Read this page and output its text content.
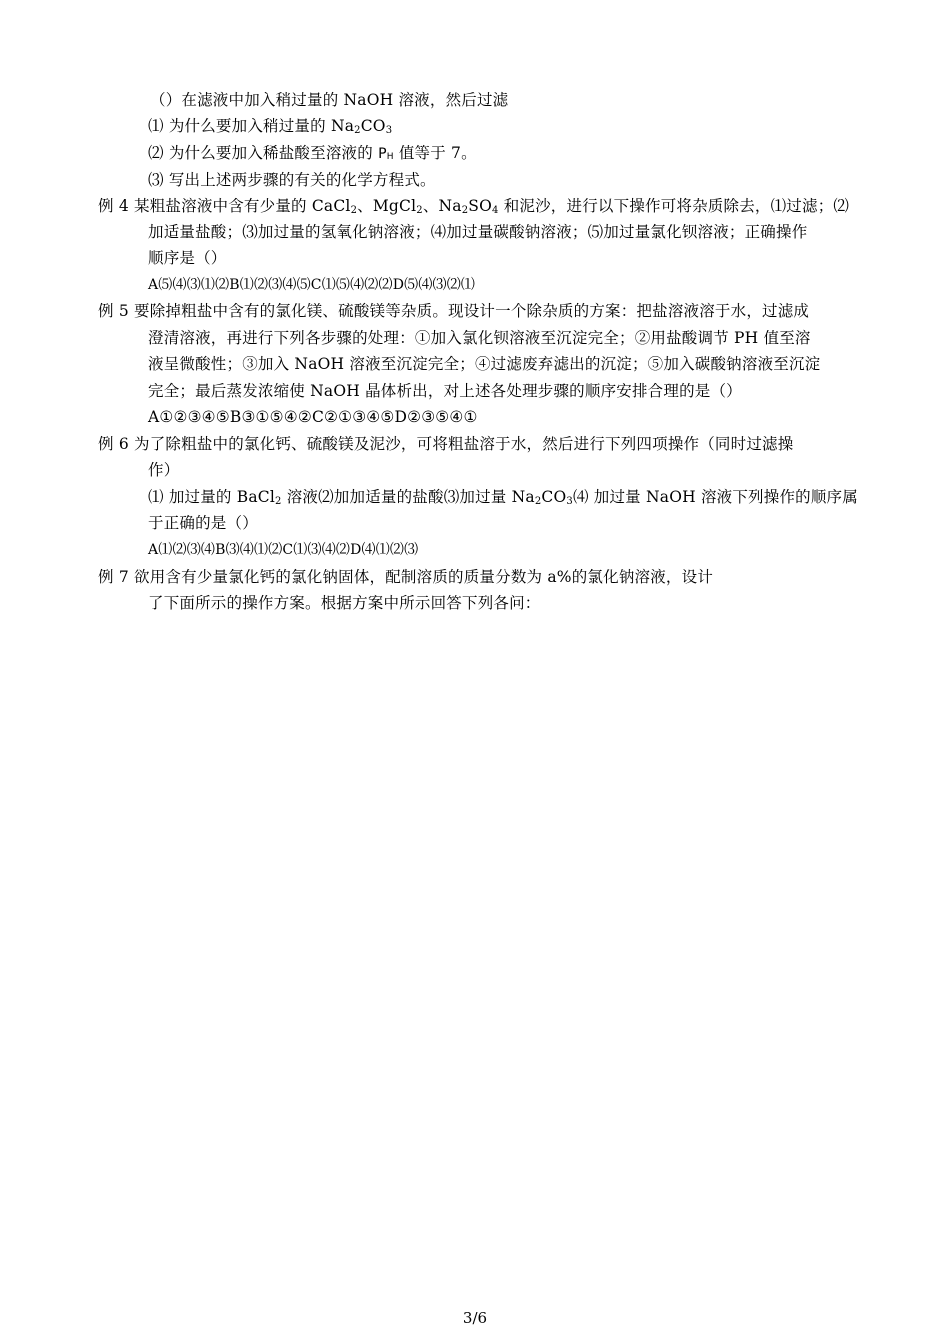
（）在滤液中加入稍过量的 NaOH 溶液，然后过滤
⑴ 为什么要加入稍过量的 $Na_2CO_3$
⑵ 为什么要加入稀盐酸至溶液的 PH 值等于 7。
⑶ 写出上述两步骤的有关的化学方程式。
例 4 某粗盐溶液中含有少量的 CaCl$_2$、MgCl$_2$、$Na_2SO_4$ 和泥沙，进行以下操作可将杂质除去，⑴过滤；⑵
加适量盐酸；⑶加过量的氢氧化钠溶液；⑷加过量碳酸钠溶液；⑸加过量氯化钡溶液；正确操作
顺序是（）
A⑸⑷⑶⑴⑵B⑴⑵⑶⑷⑸C⑴⑸⑷⑵⑵D⑸⑷⑶⑵⑴
例 5 要除掉粗盐中含有的氯化镁、硫酸镁等杂质。现设计一个除杂质的方案：把盐溶液溶于水，过滤成
澄清溶液，再进行下列各步骤的处理：①加入氯化钡溶液至沉淀完全；②用盐酸调节 PH 值至溶
液呈微酸性；③加入 NaOH 溶液至沉淀完全；④过滤废弃滤出的沉淀；⑤加入碳酸钠溶液至沉淀
完全；最后蒸发浓缩使 NaOH 晶体析出，对上述各处理步骤的顺序安排合理的是（）
A①②③④⑤B③①⑤④②C②①③④⑤D②③⑤④①
例 6 为了除粗盐中的氯化钙、硫酸镁及泥沙，可将粗盐溶于水，然后进行下列四项操作（同时过滤操
作）
⑴ 加过量的 BaCl$_2$ 溶液⑵加加适量的盐酸⑶加过量 $Na_2CO_3⑷$ 加过量 NaOH 溶液下列操作的顺序属
于正确的是（）
A⑴⑵⑶⑷B⑶⑷⑴⑵C⑴⑶⑷⑵D⑷⑴⑵⑶
例 7 欲用含有少量氯化钙的氯化钠固体，配制溶质的质量分数为 a%的氯化钠溶液，设计
了下面所示的操作方案。根据方案中所示回答下列各问：
3/6
